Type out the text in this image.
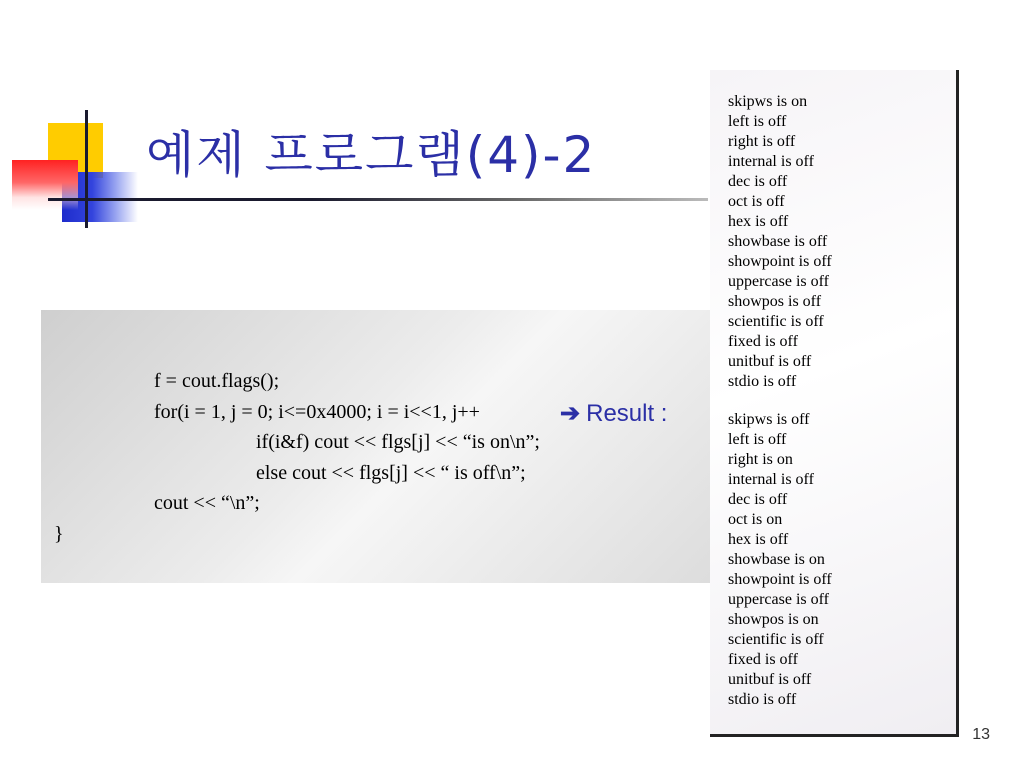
예제 프로그램(4)-2
f = cout.flags();
for(i = 1, j = 0; i<=0x4000; i = i<<1, j++
if(i&f) cout << flgs[j] << “is on\n”;
else cout << flgs[j] << “ is off\n”;
cout << “\n”;
}
➔ Result :
skipws is on
left is off
right is off
internal is off
dec is off
oct is off
hex is off
showbase is off
showpoint is off
uppercase is off
showpos is off
scientific is off
fixed is off
unitbuf is off
stdio is off
skipws is off
left is off
right is on
internal is off
dec is off
oct is on
hex is off
showbase is on
showpoint is off
uppercase is off
showpos is on
scientific is off
fixed is off
unitbuf is off
stdio is off
13
